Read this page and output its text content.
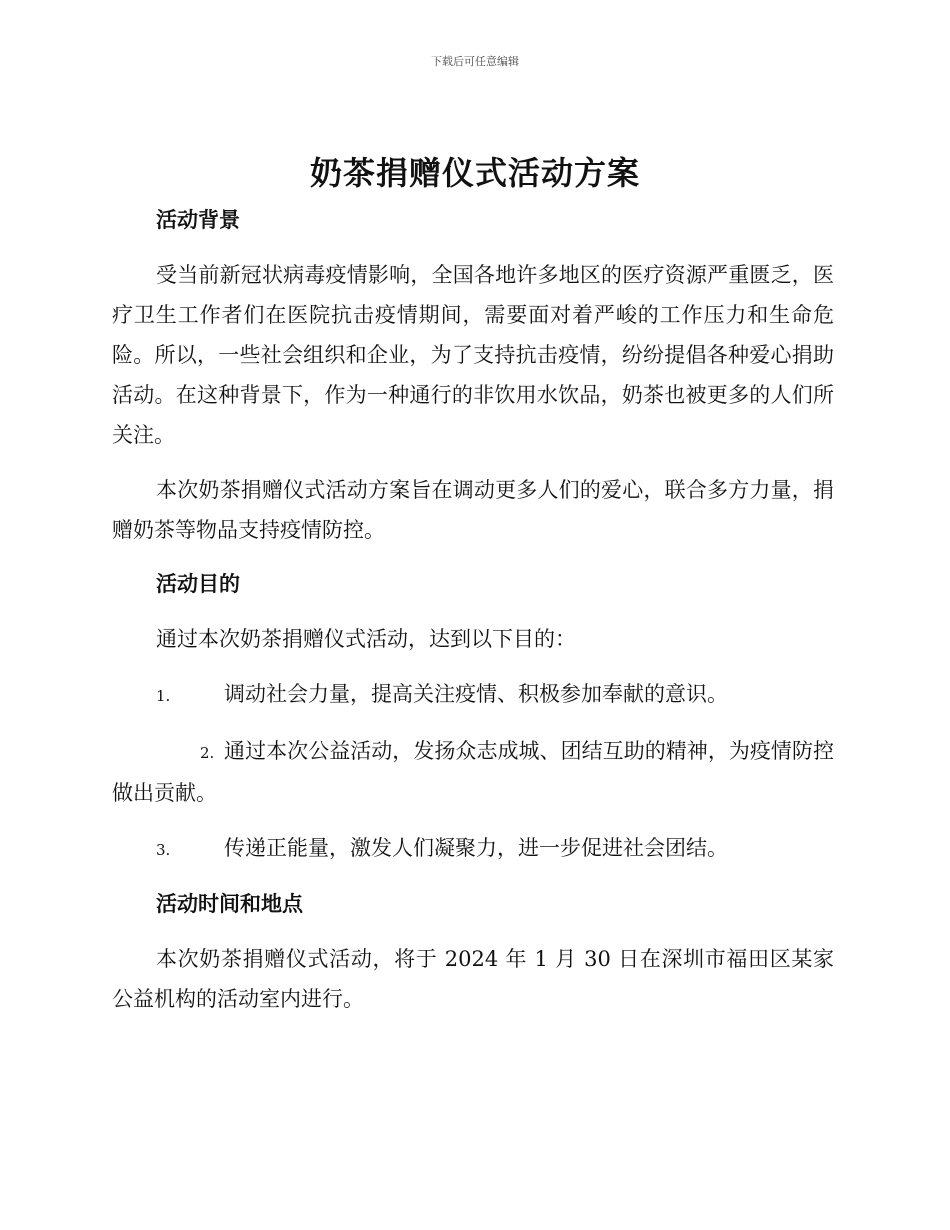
下载后可任意编辑
奶茶捐赠仪式活动方案
活动背景
受当前新冠状病毒疫情影响，全国各地许多地区的医疗资源严重匮乏，医疗卫生工作者们在医院抗击疫情期间，需要面对着严峻的工作压力和生命危险。所以，一些社会组织和企业，为了支持抗击疫情，纷纷提倡各种爱心捐助活动。在这种背景下，作为一种通行的非饮用水饮品，奶茶也被更多的人们所关注。
本次奶茶捐赠仪式活动方案旨在调动更多人们的爱心，联合多方力量，捐赠奶茶等物品支持疫情防控。
活动目的
通过本次奶茶捐赠仪式活动，达到以下目的：
1.	调动社会力量，提高关注疫情、积极参加奉献的意识。
2. 通过本次公益活动，发扬众志成城、团结互助的精神，为疫情防控做出贡献。
3.	传递正能量，激发人们凝聚力，进一步促进社会团结。
活动时间和地点
本次奶茶捐赠仪式活动，将于 2024 年 1 月 30 日在深圳市福田区某家公益机构的活动室内进行。
